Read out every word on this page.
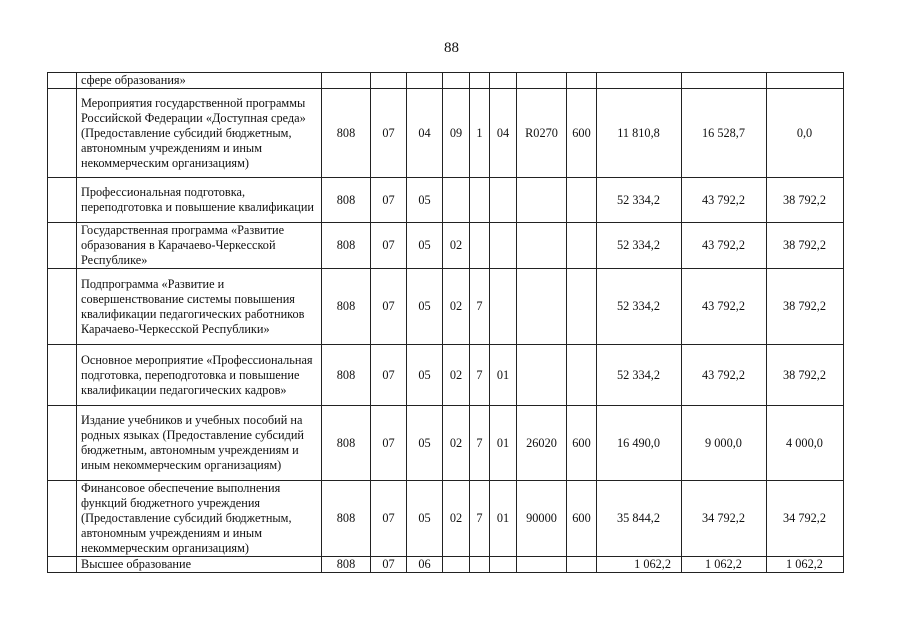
88
	сфере образования»											
	Мероприятия государственной программы Российской Федерации «Доступная среда» (Предоставление субсидий бюджетным, автономным учреждениям и иным некоммерческим организациям)	808	07	04	09	1	04	R0270	600	11 810,8	16 528,7	0,0
	Профессиональная подготовка, переподготовка и повышение квалификации	808	07	05						52 334,2	43 792,2	38 792,2
	Государственная программа «Развитие образования в Карачаево-Черкесской Республике»	808	07	05	02					52 334,2	43 792,2	38 792,2
	Подпрограмма «Развитие и совершенствование системы повышения квалификации педагогических работников Карачаево-Черкесской Республики»	808	07	05	02	7				52 334,2	43 792,2	38 792,2
	Основное мероприятие «Профессиональная подготовка, переподготовка и повышение квалификации педагогических кадров»	808	07	05	02	7	01			52 334,2	43 792,2	38 792,2
	Издание учебников и учебных пособий на родных языках (Предоставление субсидий бюджетным, автономным учреждениям и иным некоммерческим организациям)	808	07	05	02	7	01	26020	600	16 490,0	9 000,0	4 000,0
	Финансовое обеспечение выполнения функций бюджетного учреждения (Предоставление субсидий бюджетным, автономным учреждениям и иным некоммерческим организациям)	808	07	05	02	7	01	90000	600	35 844,2	34 792,2	34 792,2
	Высшее образование	808	07	06						1 062,2	1 062,2	1 062,2
